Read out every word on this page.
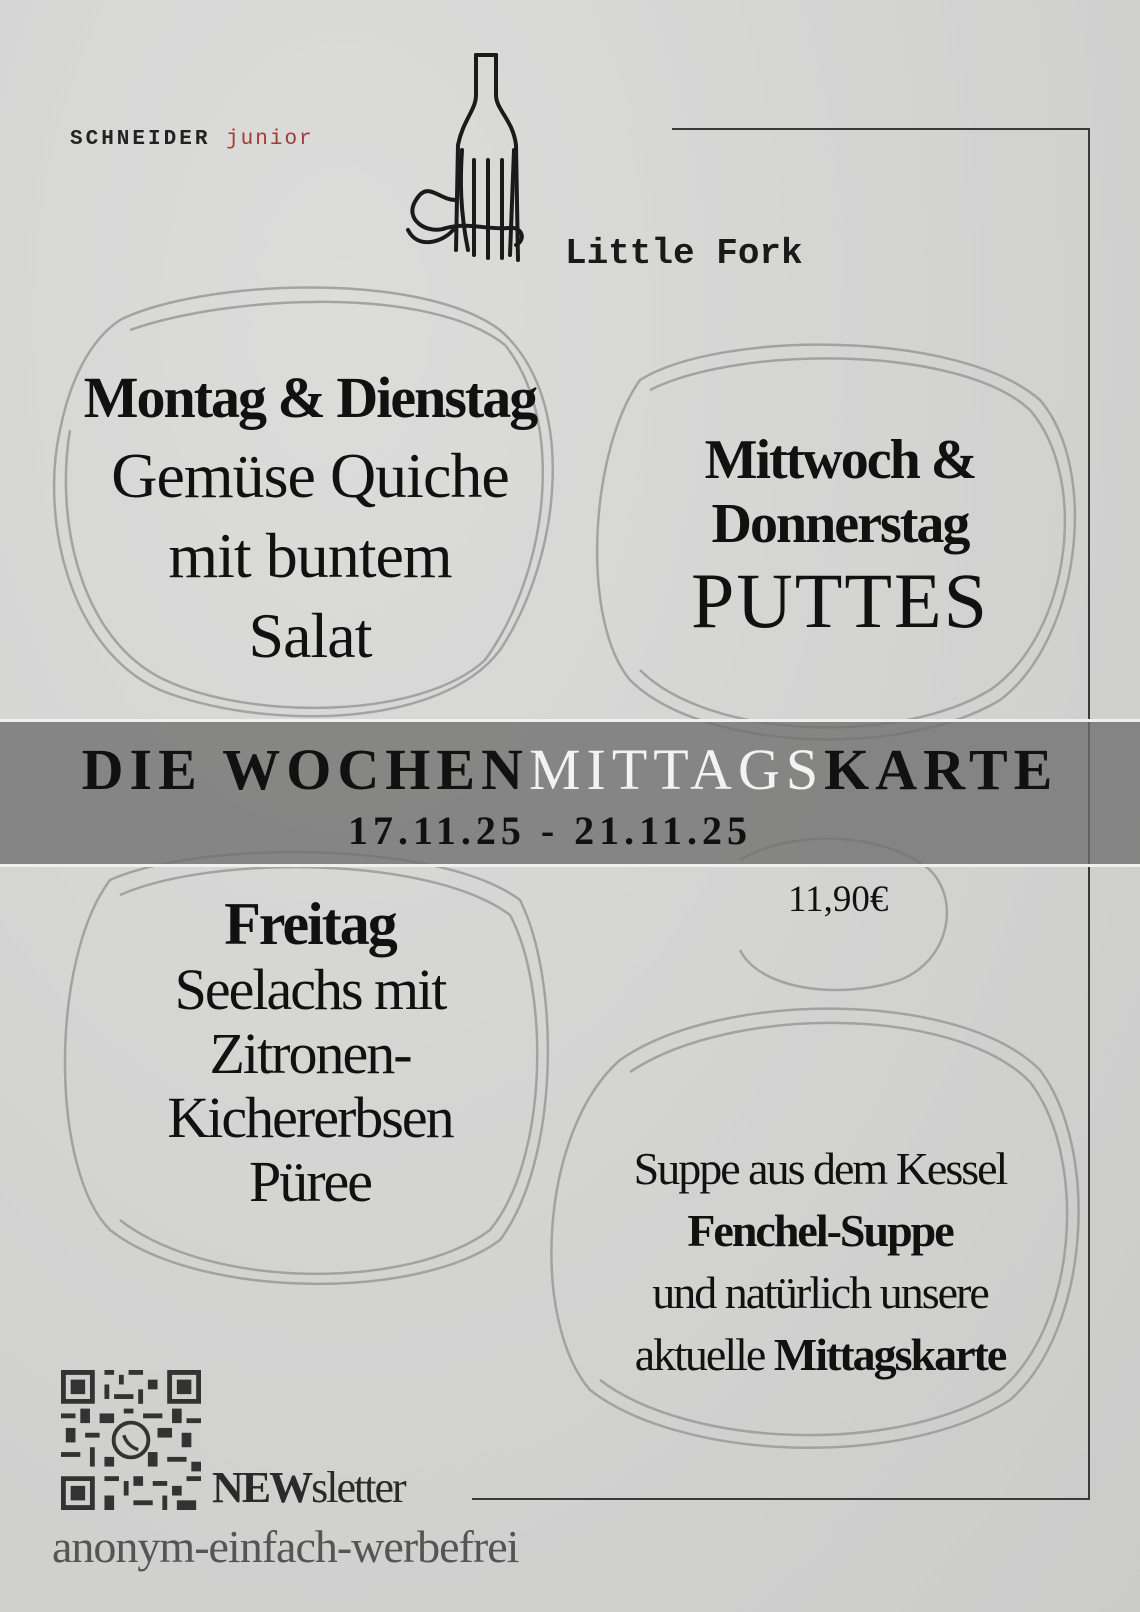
SCHNEIDER junior
Little Fork
Montag & Dienstag
Gemüse Quiche
mit buntem
Salat
Mittwoch &
Donnerstag
PUTTES
DIE WOCHENMITTAGSKARTE
17.11.25 - 21.11.25
11,90€
Freitag
Seelachs mit
Zitronen-
Kichererbsen
Püree	Suppe aus dem Kessel
Fenchel-Suppe
und natürlich unsere
aktuelle Mittagskarte
NEWsletter
anonym-einfach-werbefrei
